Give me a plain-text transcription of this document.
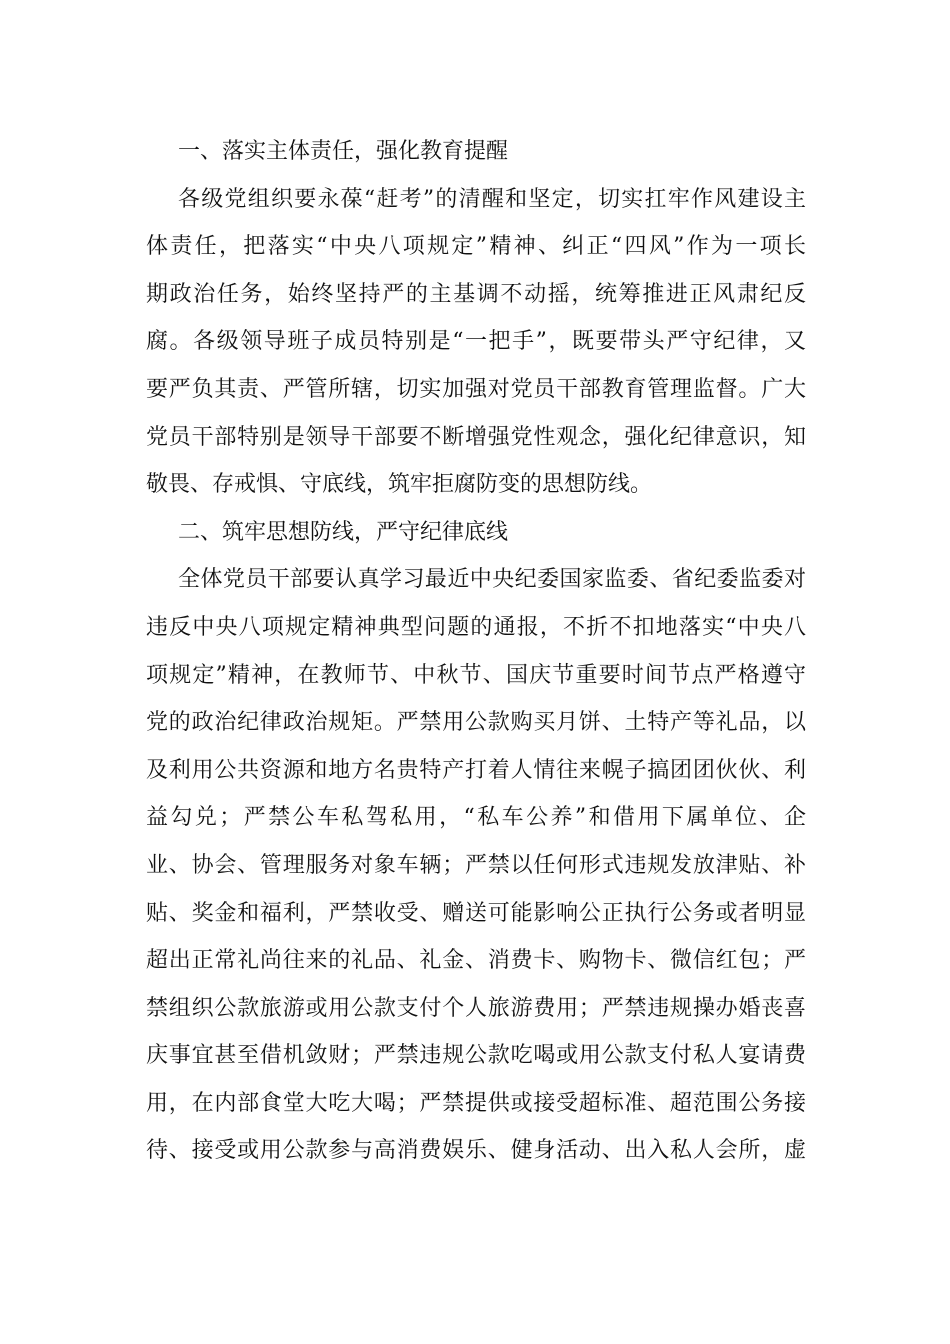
一、落实主体责任，强化教育提醒
各级党组织要永葆“赶考”的清醒和坚定，切实扛牢作风建设主
体责任，把落实“中央八项规定”精神、纠正“四风”作为一项长
期政治任务，始终坚持严的主基调不动摇，统筹推进正风肃纪反
腐。各级领导班子成员特别是“一把手”，既要带头严守纪律，又
要严负其责、严管所辖，切实加强对党员干部教育管理监督。广大
党员干部特别是领导干部要不断增强党性观念，强化纪律意识，知
敬畏、存戒惧、守底线，筑牢拒腐防变的思想防线。
二、筑牢思想防线，严守纪律底线
全体党员干部要认真学习最近中央纪委国家监委、省纪委监委对
违反中央八项规定精神典型问题的通报，不折不扣地落实“中央八
项规定”精神，在教师节、中秋节、国庆节重要时间节点严格遵守
党的政治纪律政治规矩。严禁用公款购买月饼、土特产等礼品，以
及利用公共资源和地方名贵特产打着人情往来幌子搞团团伙伙、利
益勾兑；严禁公车私驾私用，“私车公养”和借用下属单位、企
业、协会、管理服务对象车辆；严禁以任何形式违规发放津贴、补
贴、奖金和福利，严禁收受、赠送可能影响公正执行公务或者明显
超出正常礼尚往来的礼品、礼金、消费卡、购物卡、微信红包；严
禁组织公款旅游或用公款支付个人旅游费用；严禁违规操办婚丧喜
庆事宜甚至借机敛财；严禁违规公款吃喝或用公款支付私人宴请费
用，在内部食堂大吃大喝；严禁提供或接受超标准、超范围公务接
待、接受或用公款参与高消费娱乐、健身活动、出入私人会所，虚
